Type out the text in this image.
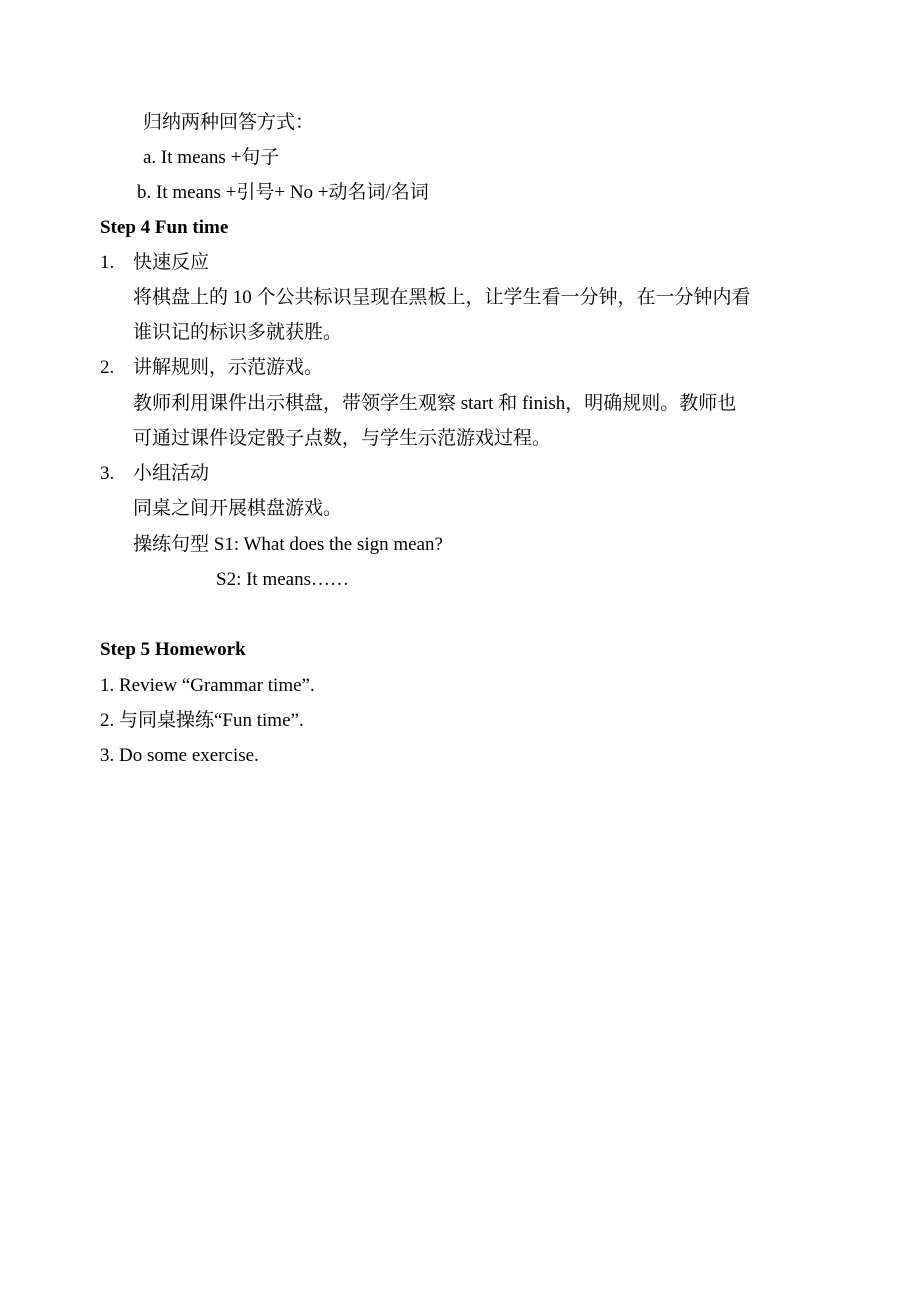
归纳两种回答方式：
a. It means +句子
b. It means +引号+ No +动名词/名词
Step 4 Fun time
1. 快速反应
将棋盘上的 10 个公共标识呈现在黑板上，让学生看一分钟，在一分钟内看
谁识记的标识多就获胜。
2. 讲解规则，示范游戏。
教师利用课件出示棋盘，带领学生观察 start 和 finish，明确规则。教师也
可通过课件设定骰子点数，与学生示范游戏过程。
3. 小组活动
同桌之间开展棋盘游戏。
操练句型 S1: What does the sign mean?
S2: It means……
Step 5 Homework
1. Review “Grammar time”.
2. 与同桌操练“Fun time”.
3. Do some exercise.
